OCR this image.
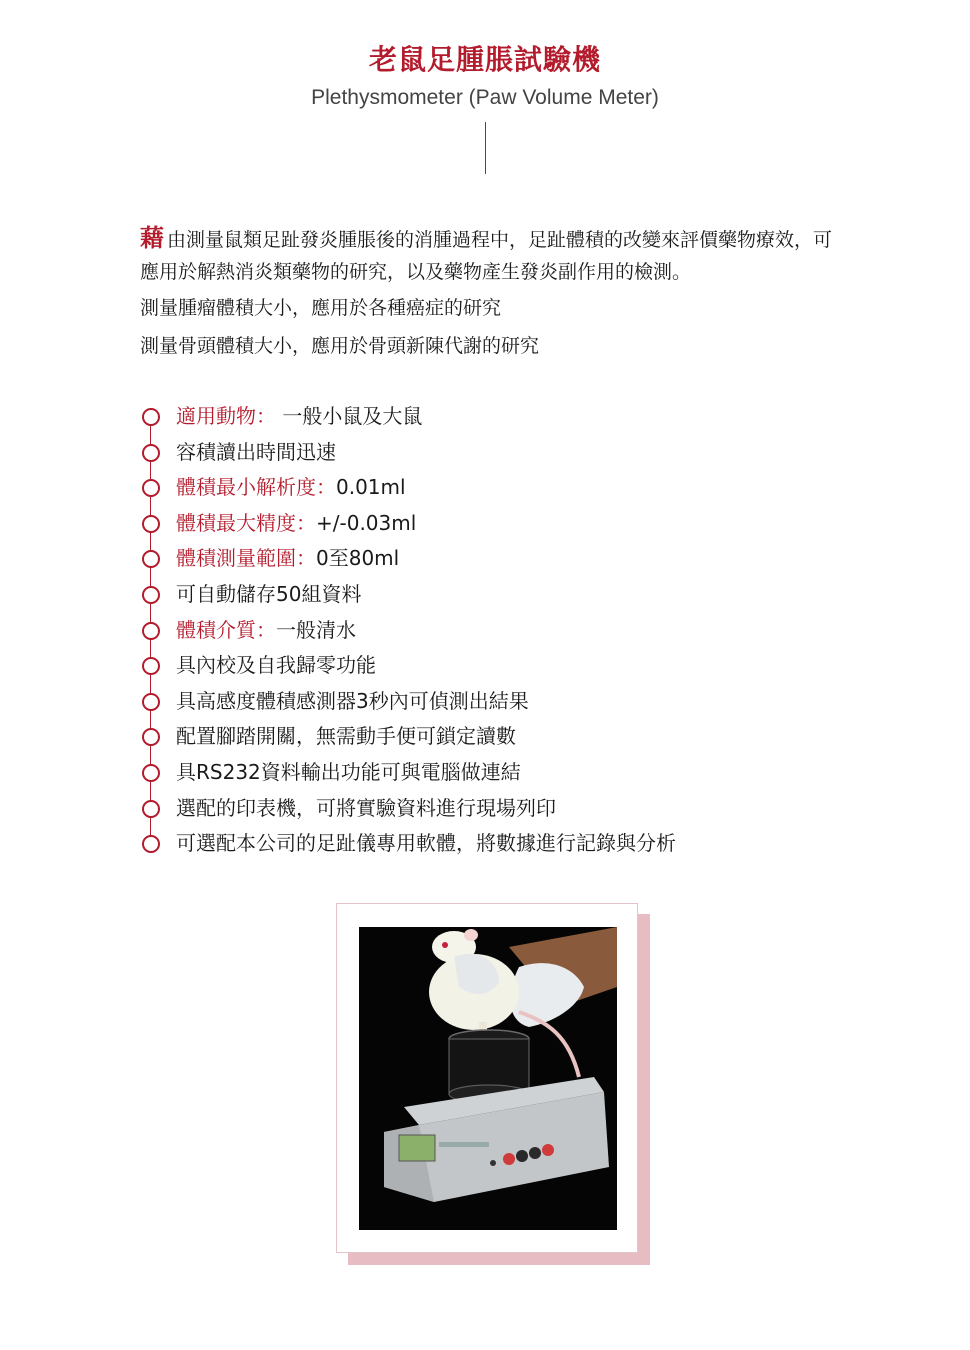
老鼠足腫脹試驗機
Plethysmometer (Paw Volume Meter)

藉 由測量鼠類足趾發炎腫脹後的消腫過程中，足趾體積的改變來評價藥物療效，可應用於解熱消炎類藥物的研究，以及藥物產生發炎副作用的檢測。

測量腫瘤體積大小，應用於各種癌症的研究

測量骨頭體積大小，應用於骨頭新陳代謝的研究

適用動物： 一般小鼠及大鼠
容積讀出時間迅速
體積最小解析度：0.01ml
體積最大精度：+/-0.03ml
體積測量範圍：0至80ml
可自動儲存50組資料
體積介質：一般清水
具內校及自我歸零功能
具高感度體積感測器3秒內可偵測出結果
配置腳踏開關，無需動手便可鎖定讀數
具RS232資料輸出功能可與電腦做連結
選配的印表機，可將實驗資料進行現場列印
可選配本公司的足趾儀專用軟體，將數據進行記錄與分析
